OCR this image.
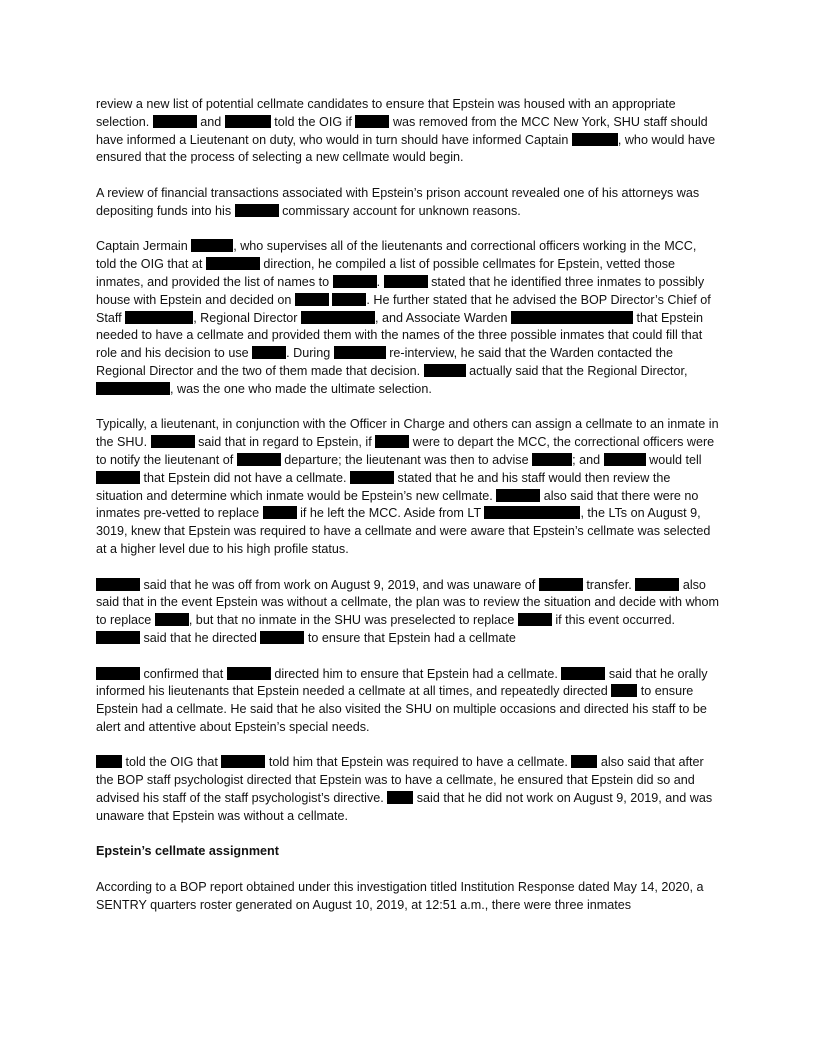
review a new list of potential cellmate candidates to ensure that Epstein was housed with an appropriate selection.	and	told the OIG if	was removed from the MCC New York, SHU staff should have informed a Lieutenant on duty, who would in turn should have informed Captain	, who would have ensured that the process of selecting a new cellmate would begin.

A review of financial transactions associated with Epstein’s prison account revealed one of his attorneys was depositing funds into his	commissary account for unknown reasons.

Captain Jermain	, who supervises all of the lieutenants and correctional officers working in the MCC, told the OIG that at	direction, he compiled a list of possible cellmates for Epstein, vetted those inmates, and provided the list of names to	.	stated that he identified three inmates to possibly house with Epstein and decided on	. He further stated that he advised the BOP Director’s Chief of Staff	, Regional Director	, and Associate Warden	that Epstein needed to have a cellmate and provided them with the names of the three possible inmates that could fill that role and his decision to use	. During	re-interview, he said that the Warden contacted the Regional Director and the two of them made that decision.	actually said that the Regional Director, , was the one who made the ultimate selection.

Typically, a lieutenant, in conjunction with the Officer in Charge and others can assign a cellmate to an inmate in the SHU.	said that in regard to Epstein, if	were to depart the MCC, the correctional officers were to notify the lieutenant of	departure; the lieutenant was then to advise	; and	would tell  that Epstein did not have a cellmate.	stated that he and his staff would then review the situation and determine which inmate would be Epstein’s new cellmate.	also said that there were no inmates pre-vetted to replace	if he left the MCC. Aside from LT	, the LTs on August 9, 3019, knew that Epstein was required to have a cellmate and were aware that Epstein’s cellmate was selected at a higher level due to his high profile status.

said that he was off from work on August 9, 2019, and was unaware of	transfer.	also said that in the event Epstein was without a cellmate, the plan was to review the situation and decide with whom to replace	, but that no inmate in the SHU was preselected to replace	if this event occurred.  said that he directed	to ensure that Epstein had a cellmate

confirmed that	directed him to ensure that Epstein had a cellmate.	said that he orally informed his lieutenants that Epstein needed a cellmate at all times, and repeatedly directed	to ensure Epstein had a cellmate. He said that he also visited the SHU on multiple occasions and directed his staff to be alert and attentive about Epstein’s special needs.

told the OIG that	told him that Epstein was required to have a cellmate.	also said that after the BOP staff psychologist directed that Epstein was to have a cellmate, he ensured that Epstein did so and advised his staff of the staff psychologist’s directive.	said that he did not work on August 9, 2019, and was unaware that Epstein was without a cellmate.

Epstein’s cellmate assignment

According to a BOP report obtained under this investigation titled Institution Response dated May 14, 2020, a SENTRY quarters roster generated on August 10, 2019, at 12:51 a.m., there were three inmates
